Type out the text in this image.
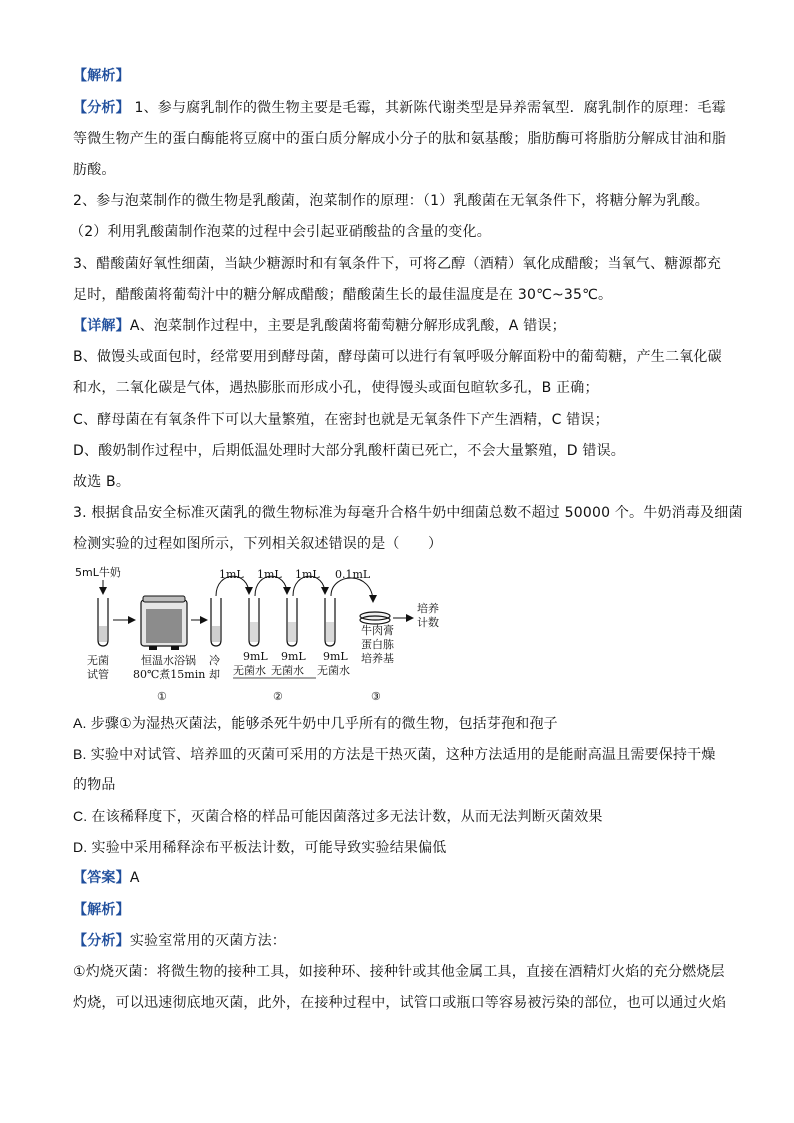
【解析】
【分析】 1、参与腐乳制作的微生物主要是毛霉，其新陈代谢类型是异养需氧型．腐乳制作的原理：毛霉
等微生物产生的蛋白酶能将豆腐中的蛋白质分解成小分子的肽和氨基酸；脂肪酶可将脂肪分解成甘油和脂
肪酸。
2、参与泡菜制作的微生物是乳酸菌，泡菜制作的原理：（1）乳酸菌在无氧条件下，将糖分解为乳酸。
（2）利用乳酸菌制作泡菜的过程中会引起亚硝酸盐的含量的变化。
3、醋酸菌好氧性细菌，当缺少糖源时和有氧条件下，可将乙醇（酒精）氧化成醋酸；当氧气、糖源都充
足时，醋酸菌将葡萄汁中的糖分解成醋酸；醋酸菌生长的最佳温度是在 30℃~35℃。
【详解】A、泡菜制作过程中，主要是乳酸菌将葡萄糖分解形成乳酸，A 错误；
B、做馒头或面包时，经常要用到酵母菌，酵母菌可以进行有氧呼吸分解面粉中的葡萄糖，产生二氧化碳
和水，二氧化碳是气体，遇热膨胀而形成小孔，使得馒头或面包暄软多孔，B 正确；
C、酵母菌在有氧条件下可以大量繁殖，在密封也就是无氧条件下产生酒精，C 错误；
D、酸奶制作过程中，后期低温处理时大部分乳酸杆菌已死亡，不会大量繁殖，D 错误。
故选 B。
3. 根据食品安全标准灭菌乳的微生物标准为每毫升合格牛奶中细菌总数不超过 50000 个。牛奶消毒及细菌
检测实验的过程如图所示，下列相关叙述错误的是（　　）
5mL牛奶
无菌
试管
恒温水浴锅
80℃煮15min
冷
却
1mL 1mL 1mL 0.1mL
9mL 9mL 9mL
无菌水 无菌水 无菌水
牛肉膏
蛋白胨
培养基
培养
计数
①	②	③
A. 步骤①为湿热灭菌法，能够杀死牛奶中几乎所有的微生物，包括芽孢和孢子
B. 实验中对试管、培养皿的灭菌可采用的方法是干热灭菌，这种方法适用的是能耐高温且需要保持干燥
的物品
C. 在该稀释度下，灭菌合格的样品可能因菌落过多无法计数，从而无法判断灭菌效果
D. 实验中采用稀释涂布平板法计数，可能导致实验结果偏低
【答案】A
【解析】
【分析】实验室常用的灭菌方法：
①灼烧灭菌：将微生物的接种工具，如接种环、接种针或其他金属工具，直接在酒精灯火焰的充分燃烧层
灼烧，可以迅速彻底地灭菌，此外，在接种过程中，试管口或瓶口等容易被污染的部位，也可以通过火焰
